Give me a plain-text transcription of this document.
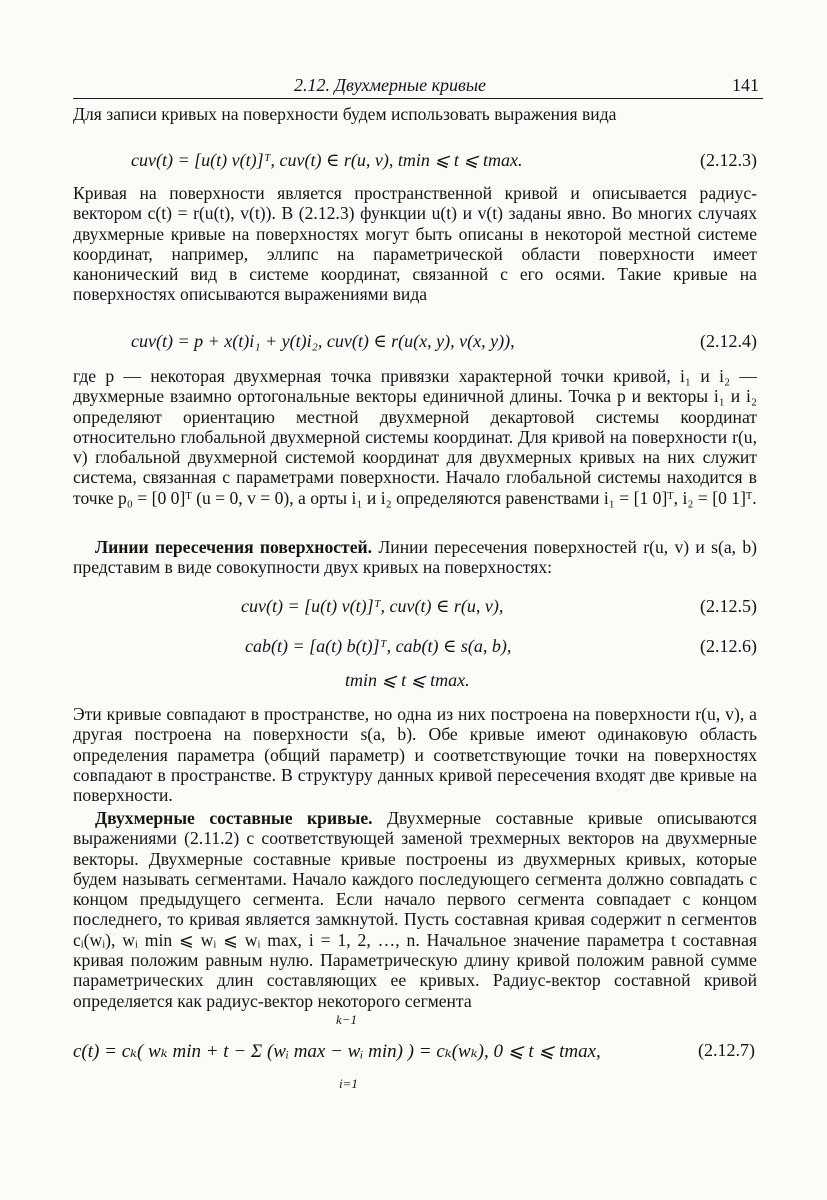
2.12. Двухмерные кривые	141

Для записи кривых на поверхности будем использовать выражения вида

cuv(t) = [u(t) v(t)]ᵀ, cuv(t) ∈ r(u, v), tmin ⩽ t ⩽ tmax.	(2.12.3)

Кривая на поверхности является пространственной кривой и описывается радиус-вектором c(t) = r(u(t), v(t)). В (2.12.3) функции u(t) и v(t) заданы явно. Во многих случаях двухмерные кривые на поверхностях могут быть описаны в некоторой местной системе координат, например, эллипс на параметрической области поверхности имеет канонический вид в системе координат, связанной с его осями. Такие кривые на поверхностях описываются выражениями вида

cuv(t) = p + x(t)i₁ + y(t)i₂, cuv(t) ∈ r(u(x, y), v(x, y)),	(2.12.4)

где p — некоторая двухмерная точка привязки характерной точки кривой, i₁ и i₂ — двухмерные взаимно ортогональные векторы единичной длины. Точка p и векторы i₁ и i₂ определяют ориентацию местной двухмерной декартовой системы координат относительно глобальной двухмерной системы координат. Для кривой на поверхности r(u, v) глобальной двухмерной системой координат для двухмерных кривых на них служит система, связанная с параметрами поверхности. Начало глобальной системы находится в точке p₀ = [0 0]ᵀ (u = 0, v = 0), а орты i₁ и i₂ определяются равенствами i₁ = [1 0]ᵀ, i₂ = [0 1]ᵀ.

Линии пересечения поверхностей. Линии пересечения поверхностей r(u, v) и s(a, b) представим в виде совокупности двух кривых на поверхностях:

cuv(t) = [u(t) v(t)]ᵀ, cuv(t) ∈ r(u, v),	(2.12.5)
cab(t) = [a(t) b(t)]ᵀ, cab(t) ∈ s(a, b),	(2.12.6)
tmin ⩽ t ⩽ tmax.

Эти кривые совпадают в пространстве, но одна из них построена на поверхности r(u, v), а другая построена на поверхности s(a, b). Обе кривые имеют одинаковую область определения параметра (общий параметр) и соответствующие точки на поверхностях совпадают в пространстве. В структуру данных кривой пересечения входят две кривые на поверхности.

Двухмерные составные кривые. Двухмерные составные кривые описываются выражениями (2.11.2) с соответствующей заменой трехмерных векторов на двухмерные векторы. Двухмерные составные кривые построены из двухмерных кривых, которые будем называть сегментами. Начало каждого последующего сегмента должно совпадать с концом предыдущего сегмента. Если начало первого сегмента совпадает с концом последнего, то кривая является замкнутой. Пусть составная кривая содержит n сегментов cᵢ(wᵢ), wᵢ min ⩽ wᵢ ⩽ wᵢ max, i = 1, 2, …, n. Начальное значение параметра t составная кривая положим равным нулю. Параметрическую длину кривой положим равной сумме параметрических длин составляющих ее кривых. Радиус-вектор составной кривой определяется как радиус-вектор некоторого сегмента

k−1
c(t) = cₖ( wₖ min + t − Σ (wᵢ max − wᵢ min) ) = cₖ(wₖ), 0 ⩽ t ⩽ tmax,
i=1
(2.12.7)
